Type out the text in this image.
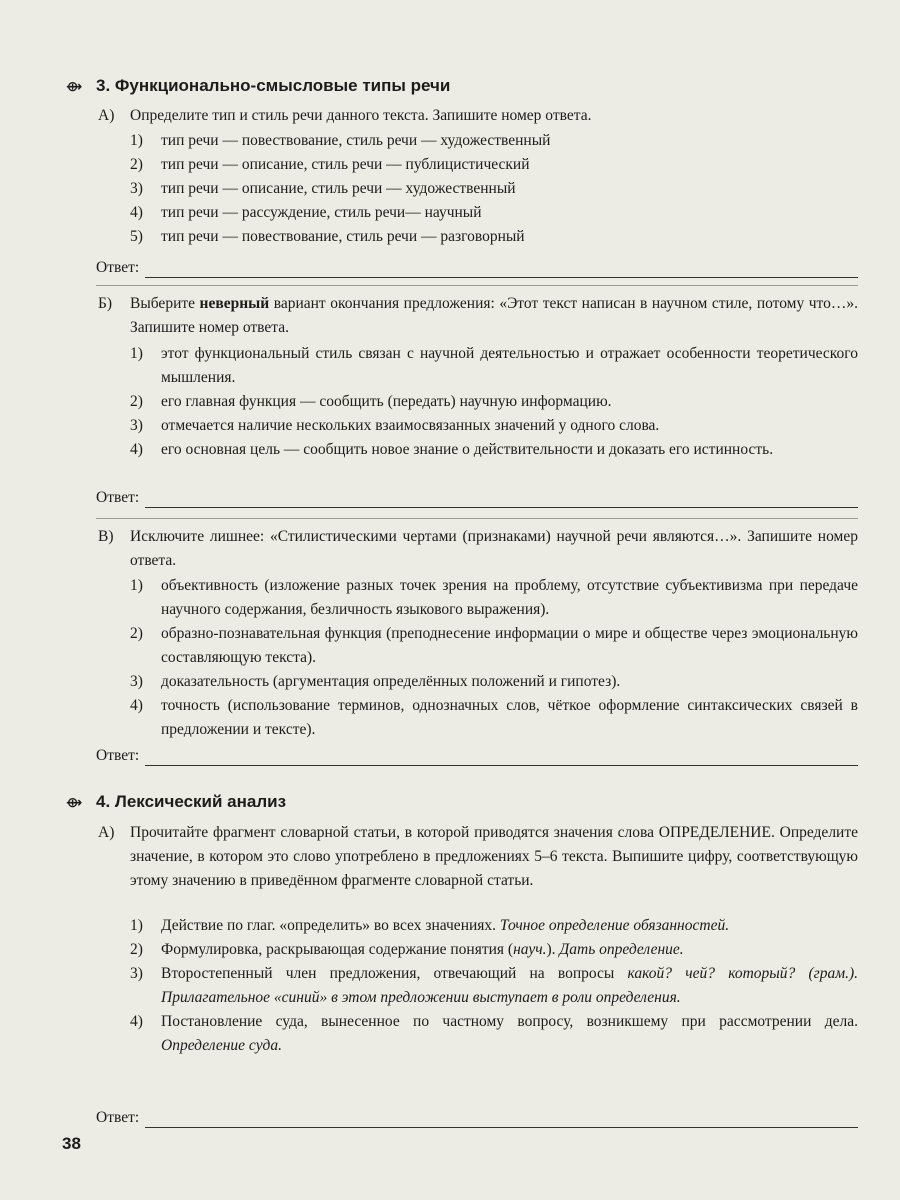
⟴ 3. Функционально-смысловые типы речи
А) Определите тип и стиль речи данного текста. Запишите номер ответа.
1) тип речи — повествование, стиль речи — художественный
2) тип речи — описание, стиль речи — публицистический
3) тип речи — описание, стиль речи — художественный
4) тип речи — рассуждение, стиль речи— научный
5) тип речи — повествование, стиль речи — разговорный
Ответ:
Б) Выберите неверный вариант окончания предложения: «Этот текст написан в научном стиле, потому что…». Запишите номер ответа.
1) этот функциональный стиль связан с научной деятельностью и отражает особенности теоретического мышления.
2) его главная функция — сообщить (передать) научную информацию.
3) отмечается наличие нескольких взаимосвязанных значений у одного слова.
4) его основная цель — сообщить новое знание о действительности и доказать его истинность.
Ответ:
В) Исключите лишнее: «Стилистическими чертами (признаками) научной речи являются…». Запишите номер ответа.
1) объективность (изложение разных точек зрения на проблему, отсутствие субъективизма при передаче научного содержания, безличность языкового выражения).
2) образно-познавательная функция (преподнесение информации о мире и обществе через эмоциональную составляющую текста).
3) доказательность (аргументация определённых положений и гипотез).
4) точность (использование терминов, однозначных слов, чёткое оформление синтаксических связей в предложении и тексте).
Ответ:
⟴ 4. Лексический анализ
А) Прочитайте фрагмент словарной статьи, в которой приводятся значения слова ОПРЕДЕЛЕНИЕ. Определите значение, в котором это слово употреблено в предложениях 5–6 текста. Выпишите цифру, соответствующую этому значению в приведённом фрагменте словарной статьи.
1) Действие по глаг. «определить» во всех значениях. Точное определение обязанностей.
2) Формулировка, раскрывающая содержание понятия (науч.). Дать определение.
3) Второстепенный член предложения, отвечающий на вопросы какой? чей? который? (грам.). Прилагательное «синий» в этом предложении выступает в роли определения.
4) Постановление суда, вынесенное по частному вопросу, возникшему при рассмотрении дела. Определение суда.
Ответ:
38
